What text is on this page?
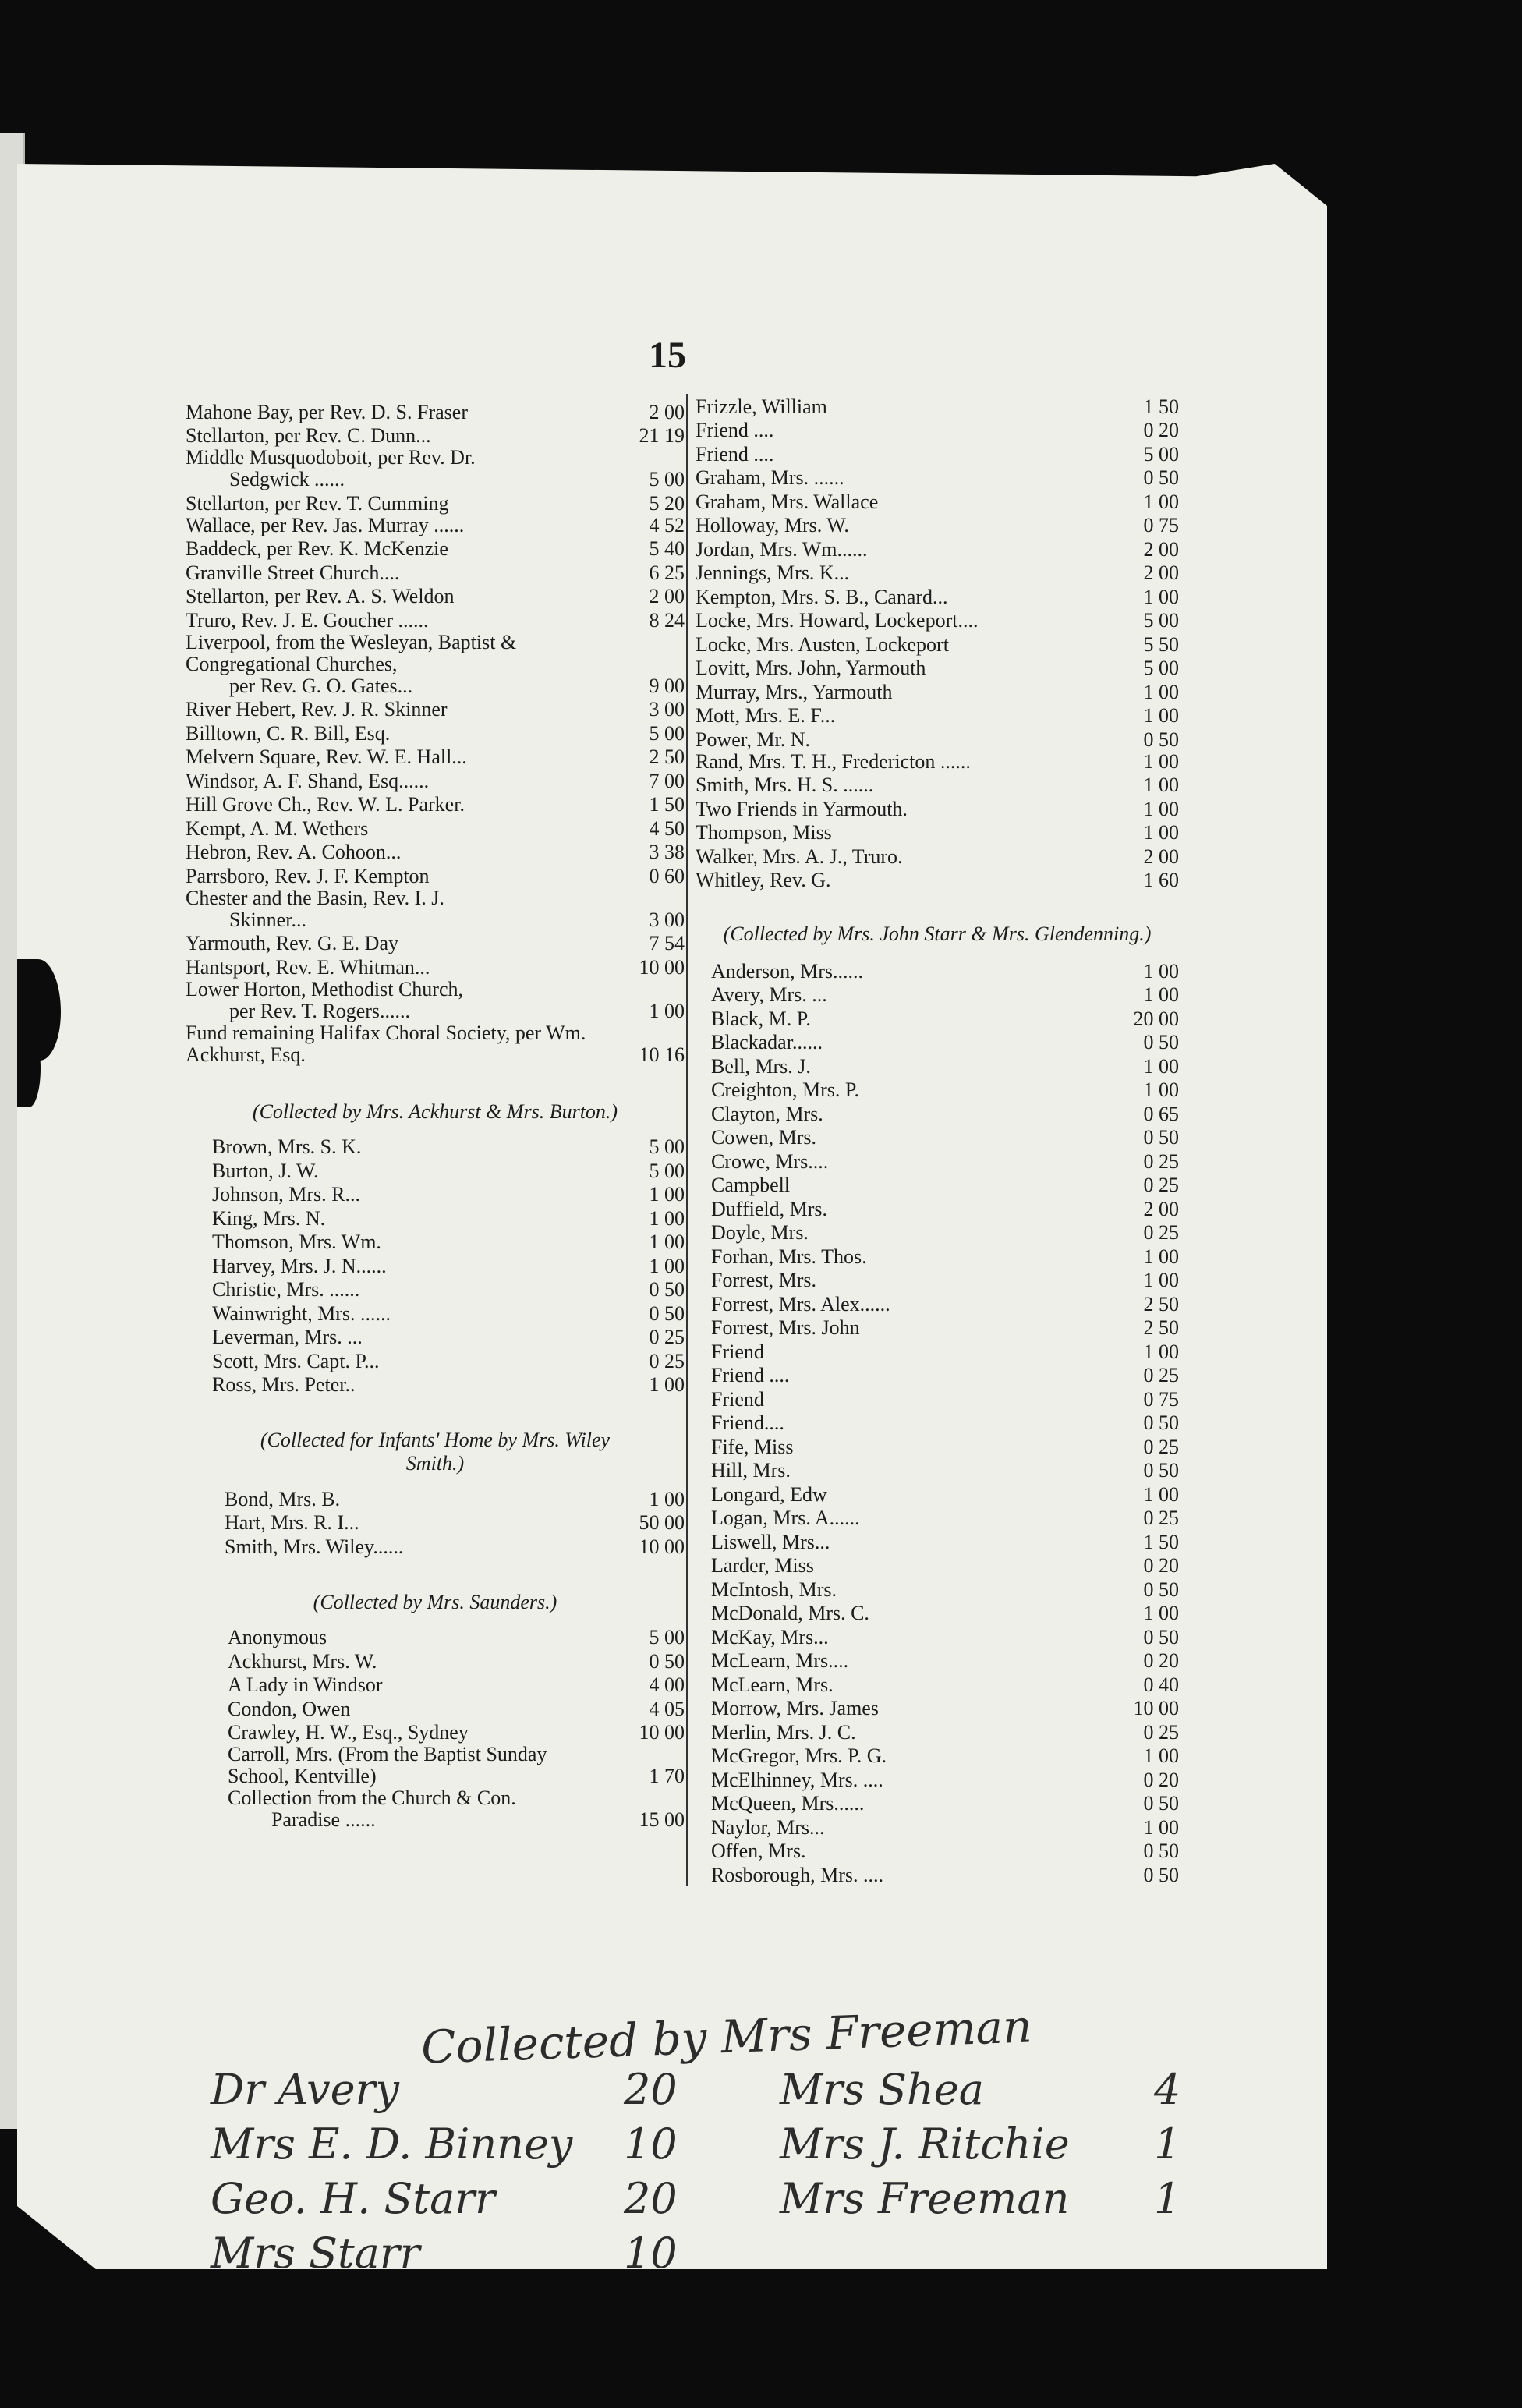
15
Mahone Bay, per Rev. D. S. Fraser	2 00
Stellarton, per Rev. C. Dunn...	21 19
Middle Musquodoboit, per Rev. Dr.
Sedgwick ......	5 00
Stellarton, per Rev. T. Cumming	5 20
Wallace, per Rev. Jas. Murray ......	4 52
Baddeck, per Rev. K. McKenzie	5 40
Granville Street Church....	6 25
Stellarton, per Rev. A. S. Weldon	2 00
Truro, Rev. J. E. Goucher ......	8 24
Liverpool, from the Wesleyan, Baptist & Congregational Churches,
per Rev. G. O. Gates...	9 00
River Hebert, Rev. J. R. Skinner	3 00
Billtown, C. R. Bill, Esq.	5 00
Melvern Square, Rev. W. E. Hall...	2 50
Windsor, A. F. Shand, Esq......	7 00
Hill Grove Ch., Rev. W. L. Parker.	1 50
Kempt, A. M. Wethers	4 50
Hebron, Rev. A. Cohoon...	3 38
Parrsboro, Rev. J. F. Kempton	0 60
Chester and the Basin, Rev. I. J.
Skinner...	3 00
Yarmouth, Rev. G. E. Day	7 54
Hantsport, Rev. E. Whitman...	10 00
Lower Horton, Methodist Church,
per Rev. T. Rogers......	1 00
Fund remaining Halifax Choral Society, per Wm. Ackhurst, Esq.	10 16
(Collected by Mrs. Ackhurst & Mrs. Burton.)
Brown, Mrs. S. K.	5 00
Burton, J. W.	5 00
Johnson, Mrs. R...	1 00
King, Mrs. N.	1 00
Thomson, Mrs. Wm.	1 00
Harvey, Mrs. J. N......	1 00
Christie, Mrs. ......	0 50
Wainwright, Mrs. ......	0 50
Leverman, Mrs. ...	0 25
Scott, Mrs. Capt. P...	0 25
Ross, Mrs. Peter..	1 00
(Collected for Infants' Home by Mrs. Wiley Smith.)
Bond, Mrs. B.	1 00
Hart, Mrs. R. I...	50 00
Smith, Mrs. Wiley......	10 00
(Collected by Mrs. Saunders.)
Anonymous	5 00
Ackhurst, Mrs. W.	0 50
A Lady in Windsor	4 00
Condon, Owen	4 05
Crawley, H. W., Esq., Sydney	10 00
Carroll, Mrs. (From the Baptist Sunday School, Kentville)	1 70
Collection from the Church & Con.
Paradise ......	15 00
Frizzle, William	1 50
Friend ....	0 20
Friend ....	5 00
Graham, Mrs. ......	0 50
Graham, Mrs. Wallace	1 00
Holloway, Mrs. W.	0 75
Jordan, Mrs. Wm......	2 00
Jennings, Mrs. K...	2 00
Kempton, Mrs. S. B., Canard...	1 00
Locke, Mrs. Howard, Lockeport....	5 00
Locke, Mrs. Austen, Lockeport	5 50
Lovitt, Mrs. John, Yarmouth	5 00
Murray, Mrs., Yarmouth	1 00
Mott, Mrs. E. F...	1 00
Power, Mr. N.	0 50
Rand, Mrs. T. H., Fredericton ......	1 00
Smith, Mrs. H. S. ......	1 00
Two Friends in Yarmouth.	1 00
Thompson, Miss	1 00
Walker, Mrs. A. J., Truro.	2 00
Whitley, Rev. G.	1 60
(Collected by Mrs. John Starr & Mrs. Glendenning.)
Anderson, Mrs......	1 00
Avery, Mrs. ...	1 00
Black, M. P.	20 00
Blackadar......	0 50
Bell, Mrs. J.	1 00
Creighton, Mrs. P.	1 00
Clayton, Mrs.	0 65
Cowen, Mrs.	0 50
Crowe, Mrs....	0 25
Campbell	0 25
Duffield, Mrs.	2 00
Doyle, Mrs.	0 25
Forhan, Mrs. Thos.	1 00
Forrest, Mrs.	1 00
Forrest, Mrs. Alex......	2 50
Forrest, Mrs. John	2 50
Friend	1 00
Friend ....	0 25
Friend	0 75
Friend....	0 50
Fife, Miss	0 25
Hill, Mrs.	0 50
Longard, Edw	1 00
Logan, Mrs. A......	0 25
Liswell, Mrs...	1 50
Larder, Miss	0 20
McIntosh, Mrs.	0 50
McDonald, Mrs. C.	1 00
McKay, Mrs...	0 50
McLearn, Mrs....	0 20
McLearn, Mrs.	0 40
Morrow, Mrs. James	10 00
Merlin, Mrs. J. C.	0 25
McGregor, Mrs. P. G.	1 00
McElhinney, Mrs. ....	0 20
McQueen, Mrs......	0 50
Naylor, Mrs...	1 00
Offen, Mrs.	0 50
Rosborough, Mrs. ....	0 50
Collected by Mrs Freeman
Dr Avery	20 Mrs Shea	4
Mrs E. D. Binney 10 Mrs J. Ritchie 1
Geo. H. Starr	20 Mrs Freeman 1
Mrs Starr	10
